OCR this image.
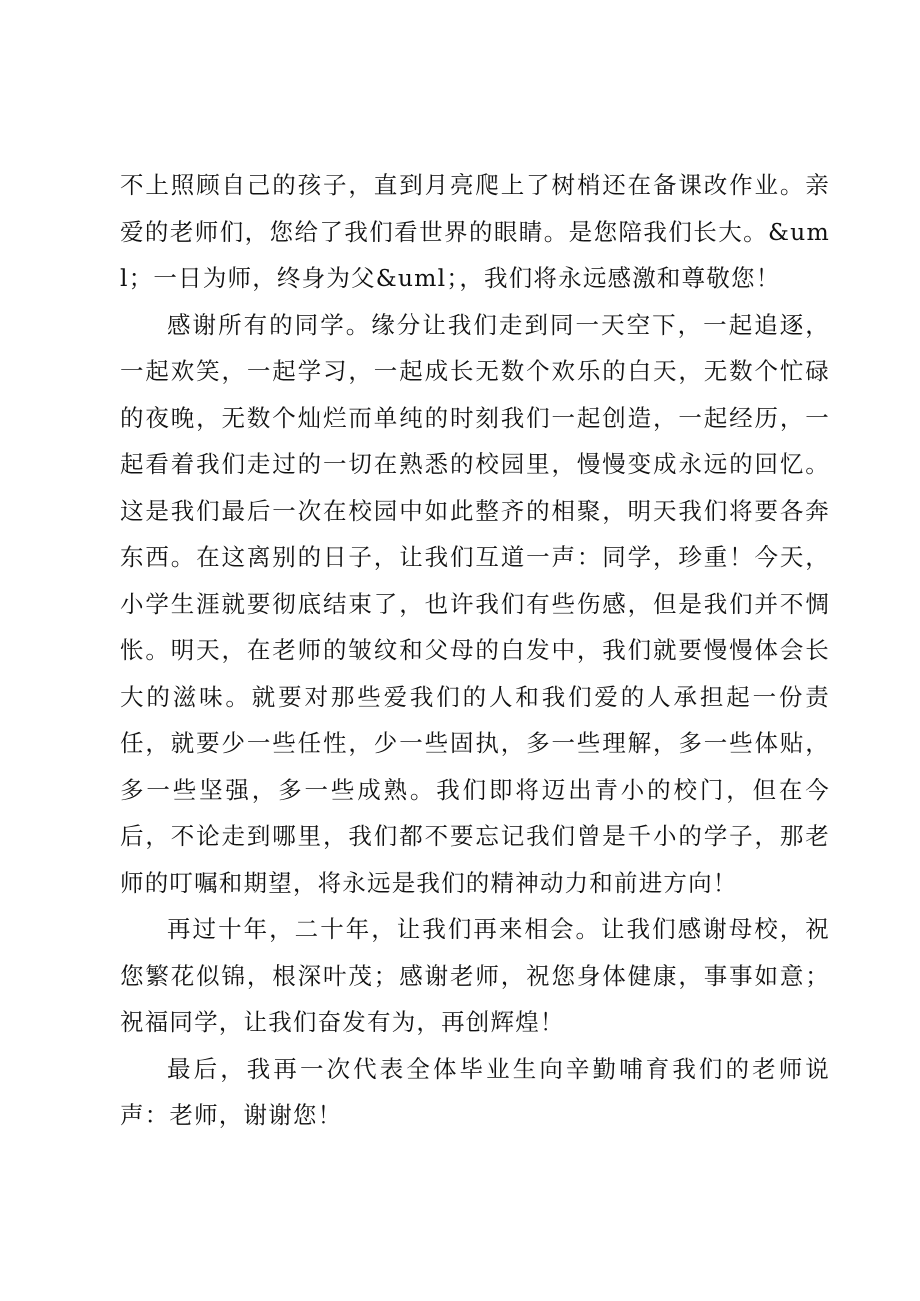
不上照顾自己的孩子，直到月亮爬上了树梢还在备课改作业。亲爱的老师们，您给了我们看世界的眼睛。是您陪我们长大。&uml；一日为师，终身为父&uml；，我们将永远感激和尊敬您！

感谢所有的同学。缘分让我们走到同一天空下，一起追逐，一起欢笑，一起学习，一起成长无数个欢乐的白天，无数个忙碌的夜晚，无数个灿烂而单纯的时刻我们一起创造，一起经历，一起看着我们走过的一切在熟悉的校园里，慢慢变成永远的回忆。这是我们最后一次在校园中如此整齐的相聚，明天我们将要各奔东西。在这离别的日子，让我们互道一声：同学，珍重！今天，小学生涯就要彻底结束了，也许我们有些伤感，但是我们并不惆怅。明天，在老师的皱纹和父母的白发中，我们就要慢慢体会长大的滋味。就要对那些爱我们的人和我们爱的人承担起一份责任，就要少一些任性，少一些固执，多一些理解，多一些体贴，多一些坚强，多一些成熟。我们即将迈出青小的校门，但在今后，不论走到哪里，我们都不要忘记我们曾是千小的学子，那老师的叮嘱和期望，将永远是我们的精神动力和前进方向！

再过十年，二十年，让我们再来相会。让我们感谢母校，祝您繁花似锦，根深叶茂；感谢老师，祝您身体健康，事事如意；祝福同学，让我们奋发有为，再创辉煌！

最后，我再一次代表全体毕业生向辛勤哺育我们的老师说声：老师，谢谢您！
